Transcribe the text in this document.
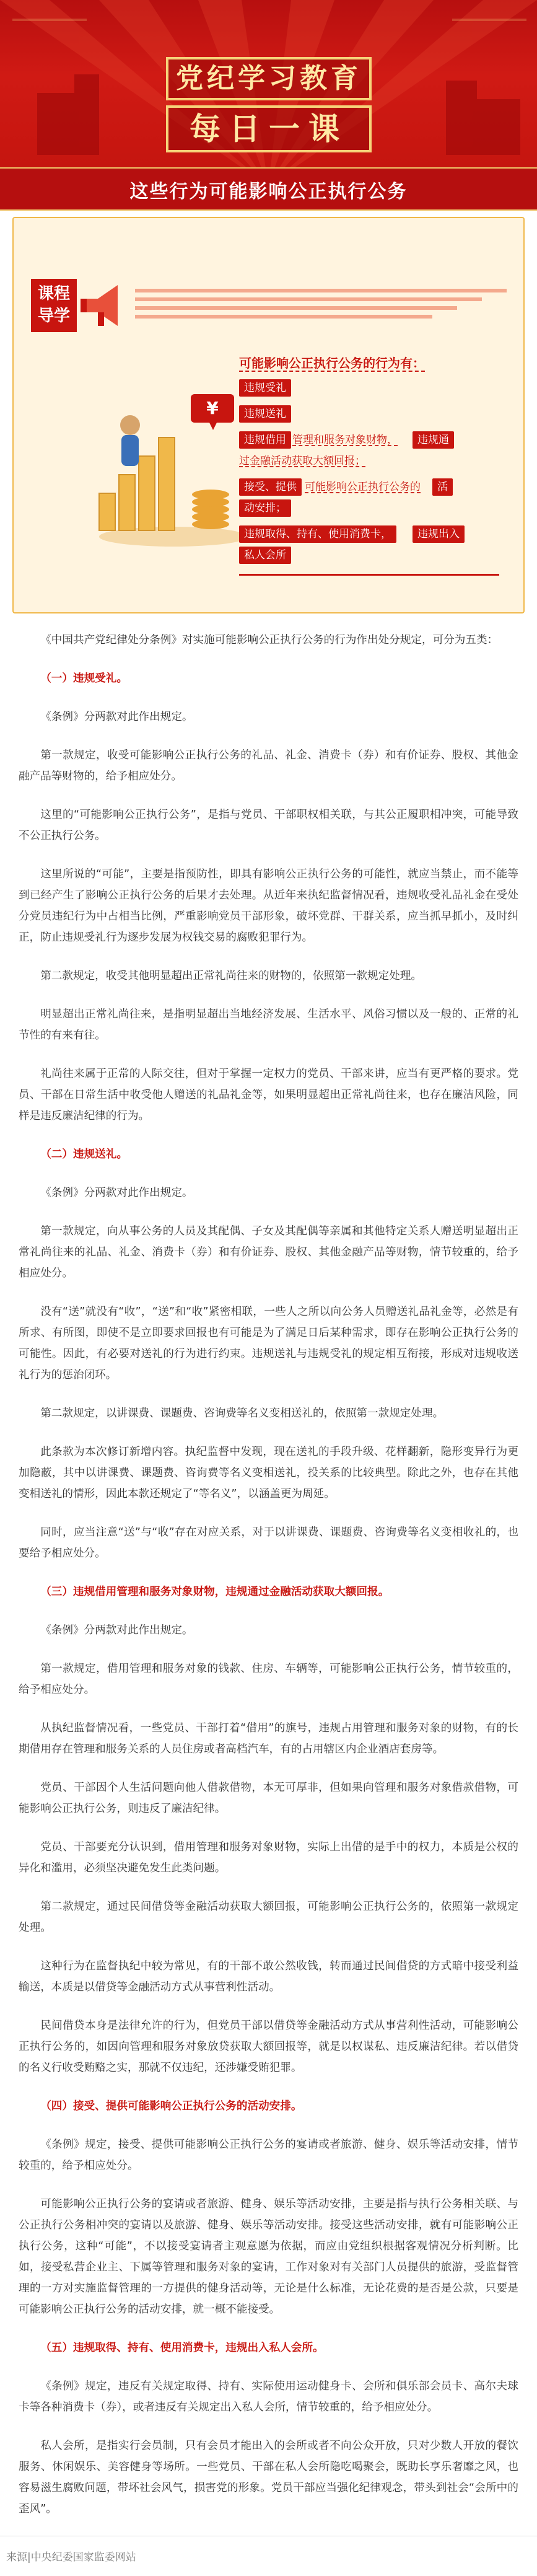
党纪学习教育
每日一课
这些行为可能影响公正执行公务
课程
导学
¥
可能影响公正执行公务的行为有：
违规受礼
违规送礼
违规借用 管理和服务对象财物，	违规通
过金融活动获取大额回报；
接受、提供 可能影响公正执行公务的	活
动安排；
违规取得、持有、使用消费卡，	违规出入
私人会所

《中国共产党纪律处分条例》对实施可能影响公正执行公务的行为作出处分规定，可分为五类：

（一）违规受礼。

《条例》分两款对此作出规定。

第一款规定，收受可能影响公正执行公务的礼品、礼金、消费卡（券）和有价证券、股权、其他金融产品等财物的，给予相应处分。

这里的“可能影响公正执行公务”，是指与党员、干部职权相关联，与其公正履职相冲突，可能导致不公正执行公务。

这里所说的“可能”，主要是指预防性，即具有影响公正执行公务的可能性，就应当禁止，而不能等到已经产生了影响公正执行公务的后果才去处理。从近年来执纪监督情况看，违规收受礼品礼金在受处分党员违纪行为中占相当比例，严重影响党员干部形象，破坏党群、干群关系，应当抓早抓小，及时纠正，防止违规受礼行为逐步发展为权钱交易的腐败犯罪行为。

第二款规定，收受其他明显超出正常礼尚往来的财物的，依照第一款规定处理。

明显超出正常礼尚往来，是指明显超出当地经济发展、生活水平、风俗习惯以及一般的、正常的礼节性的有来有往。

礼尚往来属于正常的人际交往，但对于掌握一定权力的党员、干部来讲，应当有更严格的要求。党员、干部在日常生活中收受他人赠送的礼品礼金等，如果明显超出正常礼尚往来，也存在廉洁风险，同样是违反廉洁纪律的行为。

（二）违规送礼。

《条例》分两款对此作出规定。

第一款规定，向从事公务的人员及其配偶、子女及其配偶等亲属和其他特定关系人赠送明显超出正常礼尚往来的礼品、礼金、消费卡（券）和有价证券、股权、其他金融产品等财物，情节较重的，给予相应处分。

没有“送”就没有“收”，“送”和“收”紧密相联，一些人之所以向公务人员赠送礼品礼金等，必然是有所求、有所图，即使不是立即要求回报也有可能是为了满足日后某种需求，即存在影响公正执行公务的可能性。因此，有必要对送礼的行为进行约束。违规送礼与违规受礼的规定相互衔接，形成对违规收送礼行为的惩治闭环。

第二款规定，以讲课费、课题费、咨询费等名义变相送礼的，依照第一款规定处理。

此条款为本次修订新增内容。执纪监督中发现，现在送礼的手段升级、花样翻新，隐形变异行为更加隐蔽，其中以讲课费、课题费、咨询费等名义变相送礼，投关系的比较典型。除此之外，也存在其他变相送礼的情形，因此本款还规定了“等名义”，以涵盖更为周延。

同时，应当注意“送”与“收”存在对应关系，对于以讲课费、课题费、咨询费等名义变相收礼的，也要给予相应处分。

（三）违规借用管理和服务对象财物，违规通过金融活动获取大额回报。

《条例》分两款对此作出规定。

第一款规定，借用管理和服务对象的钱款、住房、车辆等，可能影响公正执行公务，情节较重的，给予相应处分。

从执纪监督情况看，一些党员、干部打着“借用”的旗号，违规占用管理和服务对象的财物，有的长期借用存在管理和服务关系的人员住房或者高档汽车，有的占用辖区内企业酒店套房等。

党员、干部因个人生活问题向他人借款借物，本无可厚非，但如果向管理和服务对象借款借物，可能影响公正执行公务，则违反了廉洁纪律。

党员、干部要充分认识到，借用管理和服务对象财物，实际上出借的是手中的权力，本质是公权的异化和滥用，必须坚决避免发生此类问题。

第二款规定，通过民间借贷等金融活动获取大额回报，可能影响公正执行公务的，依照第一款规定处理。

这种行为在监督执纪中较为常见，有的干部不敢公然收钱，转而通过民间借贷的方式暗中接受利益输送，本质是以借贷等金融活动方式从事营利性活动。

民间借贷本身是法律允许的行为，但党员干部以借贷等金融活动方式从事营利性活动，可能影响公正执行公务的，如因向管理和服务对象放贷获取大额回报等，就是以权谋私、违反廉洁纪律。若以借贷的名义行收受贿赂之实，那就不仅违纪，还涉嫌受贿犯罪。

（四）接受、提供可能影响公正执行公务的活动安排。

《条例》规定，接受、提供可能影响公正执行公务的宴请或者旅游、健身、娱乐等活动安排，情节较重的，给予相应处分。

可能影响公正执行公务的宴请或者旅游、健身、娱乐等活动安排，主要是指与执行公务相关联、与公正执行公务相冲突的宴请以及旅游、健身、娱乐等活动安排。接受这些活动安排，就有可能影响公正执行公务，这种“可能”，不以接受宴请者主观意愿为依据，而应由党组织根据客观情况分析判断。比如，接受私营企业主、下属等管理和服务对象的宴请，工作对象对有关部门人员提供的旅游，受监督管理的一方对实施监督管理的一方提供的健身活动等，无论是什么标准，无论花费的是否是公款，只要是可能影响公正执行公务的活动安排，就一概不能接受。

（五）违规取得、持有、使用消费卡，违规出入私人会所。

《条例》规定，违反有关规定取得、持有、实际使用运动健身卡、会所和俱乐部会员卡、高尔夫球卡等各种消费卡（券），或者违反有关规定出入私人会所，情节较重的，给予相应处分。

私人会所，是指实行会员制，只有会员才能出入的会所或者不向公众开放，只对少数人开放的餐饮服务、休闲娱乐、美容健身等场所。一些党员、干部在私人会所隐吃喝聚会，既助长享乐奢靡之风，也容易滋生腐败问题，带坏社会风气，损害党的形象。党员干部应当强化纪律观念，带头到社会“会所中的歪风”。

来源|中央纪委国家监委网站
